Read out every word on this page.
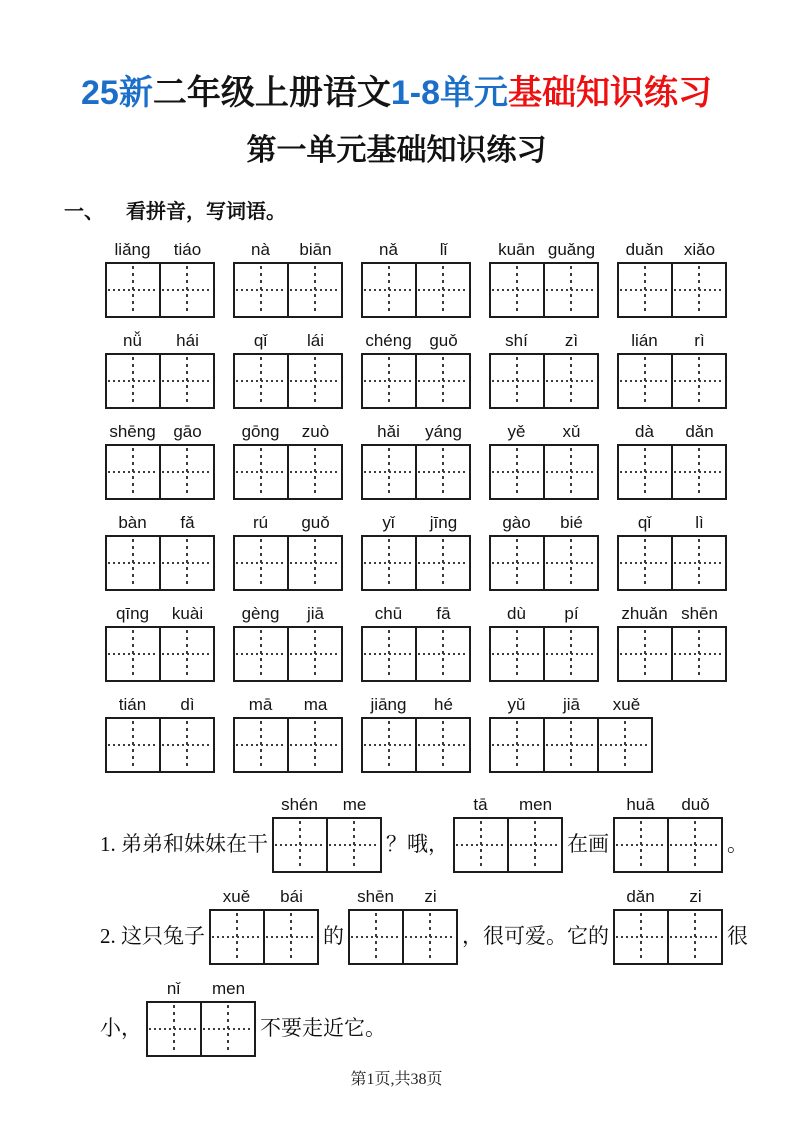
25新二年级上册语文1-8单元基础知识练习
第一单元基础知识练习
一、 看拼音，写词语。
liǎng	tiáo	nà	biān	nǎ	lǐ	kuān guǎng	duǎn	xiǎo
nǚ	hái	qǐ	lái	chéng	guǒ	shí	zì	lián	rì
shēng	gāo	gōng	zuò	hǎi	yáng	yě	xǔ	dà	dǎn
bàn	fǎ	rú	guǒ	yǐ	jīng	gào	bié	qǐ	lì
qīng	kuài	gèng	jiā	chū	fā	dù	pí	zhuǎn shēn
tián	dì	mā	ma	jiāng	hé	yǔ	jiā	xuě
1. 弟弟和妹妹在干
shén	me
？哦，
tā	men
在画
huā	duǒ
。
2. 这只兔子
xuě	bái
的
shēn	zi
，很可爱。它的
dǎn	zi
很
小，
nǐ	men
不要走近它。
第1页,共38页
